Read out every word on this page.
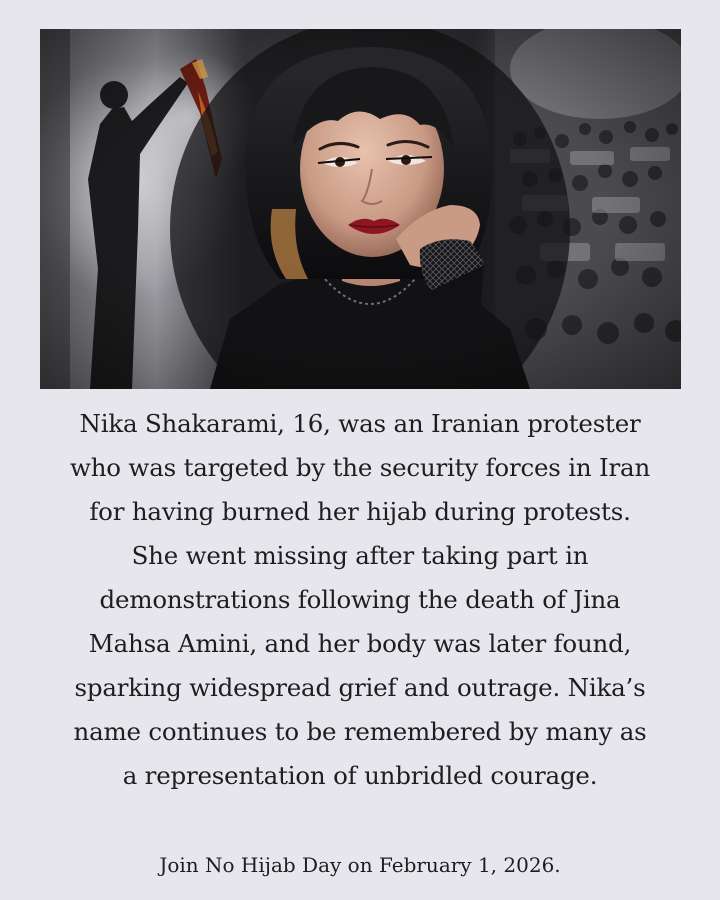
Nika Shakarami, 16, was an Iranian protester
who was targeted by the security forces in Iran
for having burned her hijab during protests.
She went missing after taking part in
demonstrations following the death of Jina
Mahsa Amini, and her body was later found,
sparking widespread grief and outrage. Nika’s
name continues to be remembered by many as
a representation of unbridled courage.

Join No Hijab Day on February 1, 2026.
